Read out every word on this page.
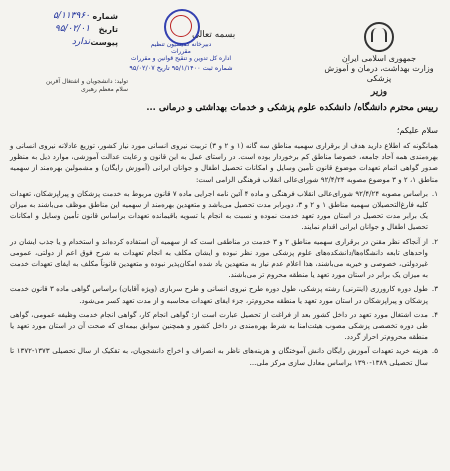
جمهوری اسلامی ایران
وزارت بهداشت، درمان و آموزش پزشکی
وزیر
بسمه تعالی
دبیرخانه کمیسیون تنظیم
مقررات
اداره کل تدوین و تنقیح قوانین و مقررات
شماره ثبت ۹۵/۱/۱۴۰۰ تاریخ ۹۵/۰۲/۰۷
شماره
۵/۱۱۳۹۶۰
تاریخ
۹۵/۰۲/۰۱
پیوست
ندارد
تولید: دانشجویان و اشتغال آفرین
سلام معظم رهبری
رییس محترم دانشگاه/ دانشکده علوم پزشکی و خدمات بهداشتی و درمانی ...
سلام علیکم؛

همانگونه که اطلاع دارید هدف از برقراری سهمیه مناطق سه گانه (۱ و ۲ و ۳) تربیت نیروی انسانی مورد نیاز کشور، توزیع عادلانه نیروی انسانی و بهره‌مندی همه آحاد جامعه، خصوصا مناطق کم برخوردار بوده است. در راستای عمل به این قانون و رعایت عدالت آموزشی، موارد ذیل به منظور صدور گواهی اتمام تعهدات موضوع قانون تأمین وسایل و امکانات تحصیل اطفال و جوانان ایرانی (آموزش رایگان) و مشمولین بهره‌مند از سهمیه مناطق ۱، ۲ و ۳ موضوع مصوبه ۹۲/۴/۲۴ شورای‌عالی انقلاب فرهنگی الزامی است:

۱.

براساس مصوبه ۹۲/۴/۲۴ شورای‌عالی انقلاب فرهنگی و ماده ۴ آئین نامه اجرایی ماده ۷ قانون مربوط به خدمت پزشکان و پیراپزشکان، تعهدات کلیه فارغ‌التحصیلان سهمیه مناطق ۱ و ۲ و ۳، دوبرابر مدت تحصیل می‌باشد و متعهدین بهره‌مند از سهمیه این مناطق موظف می‌باشند به میزان یک برابر مدت تحصیل در استان مورد تعهد خدمت نموده و نسبت به انجام یا تسویه باقیمانده تعهدات براساس قانون تأمین وسایل و امکانات تحصیل اطفال و جوانان ایرانی اقدام نمایند.

۲.

از آنجاکه نظر مقنن در برقراری سهمیه مناطق ۲ و ۳ خدمت در مناطقی است که از سهمیه آن استفاده کرده‌اند و استخدام و یا جذب ایشان در واحدهای تابعه دانشگاه‌ها/دانشکده‌های علوم پزشکی مورد نظر نبوده و ایشان مکلف به انجام تعهدات به شرح فوق اعم از دولتی، عمومی غیردولتی، خصوصی و خیریه می‌باشند، هذا اعلام عدم نیاز به متعهدین یاد شده امکان‌پذیر نبوده و متعهدین قانوناً مکلف به ایفای تعهدات خدمت به میزان یک برابر در استان مورد تعهد یا منطقه محروم تر می‌باشند.

۳.

طول دوره کارورزی (اینترنی) رشته پزشکی، طول دوره طرح نیروی انسانی و طرح سربازی (ویژه آقایان) براساس گواهی ماده ۳ قانون خدمت پزشکان و پیراپزشکان در استان مورد تعهد یا منطقه محروم‌تر، جزء ایفای تعهدات محاسبه و از مدت تعهد کسر می‌شود.

۴.

مدت اشتغال مورد تعهد در داخل کشور بعد از فراغت از تحصیل عبارت است از: گواهی انجام کار، گواهی انجام خدمت وظیفه عمومی، گواهی طی دوره تخصصی پزشکی مصوب هیئت‌امنا به شرط بهره‌مندی در داخل کشور و همچنین سوابق بیمه‌ای که صحت آن در استان مورد تعهد یا منطقه محروم‌تر احراز گردد.

۵.

هزینه خرید تعهدات آموزش رایگان دانش آموختگان و هزینه‌های ناظر به انصراف و اخراج دانشجویان، به تفکیک از سال تحصیلی ۱۳۷۳-۱۳۷۲ تا سال تحصیلی ۱۳۸۹-۱۳۹۰ براساس معادل سازی مرکز ملی...
